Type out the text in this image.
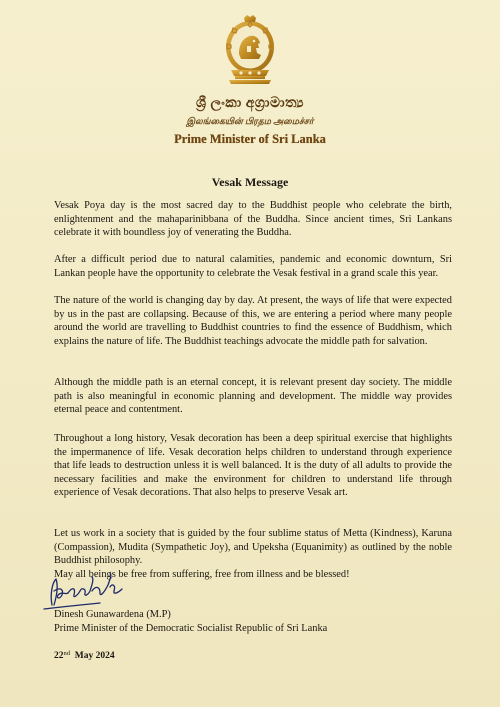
ශ්‍රී ලංකා අග්‍රාමාත්‍ය
இலங்கையின் பிரதம அமைச்சர்
Prime Minister of Sri Lanka
Vesak Message

Vesak Poya day is the most sacred day to the Buddhist people who celebrate the birth, enlightenment and the mahaparinibbana of the Buddha. Since ancient times, Sri Lankans celebrate it with boundless joy of venerating the Buddha.

After a difficult period due to natural calamities, pandemic and economic downturn, Sri Lankan people have the opportunity to celebrate the Vesak festival in a grand scale this year.

The nature of the world is changing day by day. At present, the ways of life that were expected by us in the past are collapsing. Because of this, we are entering a period where many people around the world are travelling to Buddhist countries to find the essence of Buddhism, which explains the nature of life. The Buddhist teachings advocate the middle path for salvation.

Although the middle path is an eternal concept, it is relevant present day society. The middle path is also meaningful in economic planning and development. The middle way provides eternal peace and contentment.

Throughout a long history, Vesak decoration has been a deep spiritual exercise that highlights the impermanence of life. Vesak decoration helps children to understand through experience that life leads to destruction unless it is well balanced. It is the duty of all adults to provide the necessary facilities and make the environment for children to understand life through experience of Vesak decorations. That also helps to preserve Vesak art.

Let us work in a society that is guided by the four sublime status of Metta (Kindness), Karuna (Compassion), Mudita (Sympathetic Joy), and Upeksha (Equanimity) as outlined by the noble Buddhist philosophy.

May all beings be free from suffering, free from illness and be blessed!

Dinesh Gunawardena (M.P)
Prime Minister of the Democratic Socialist Republic of Sri Lanka
22nd May 2024
